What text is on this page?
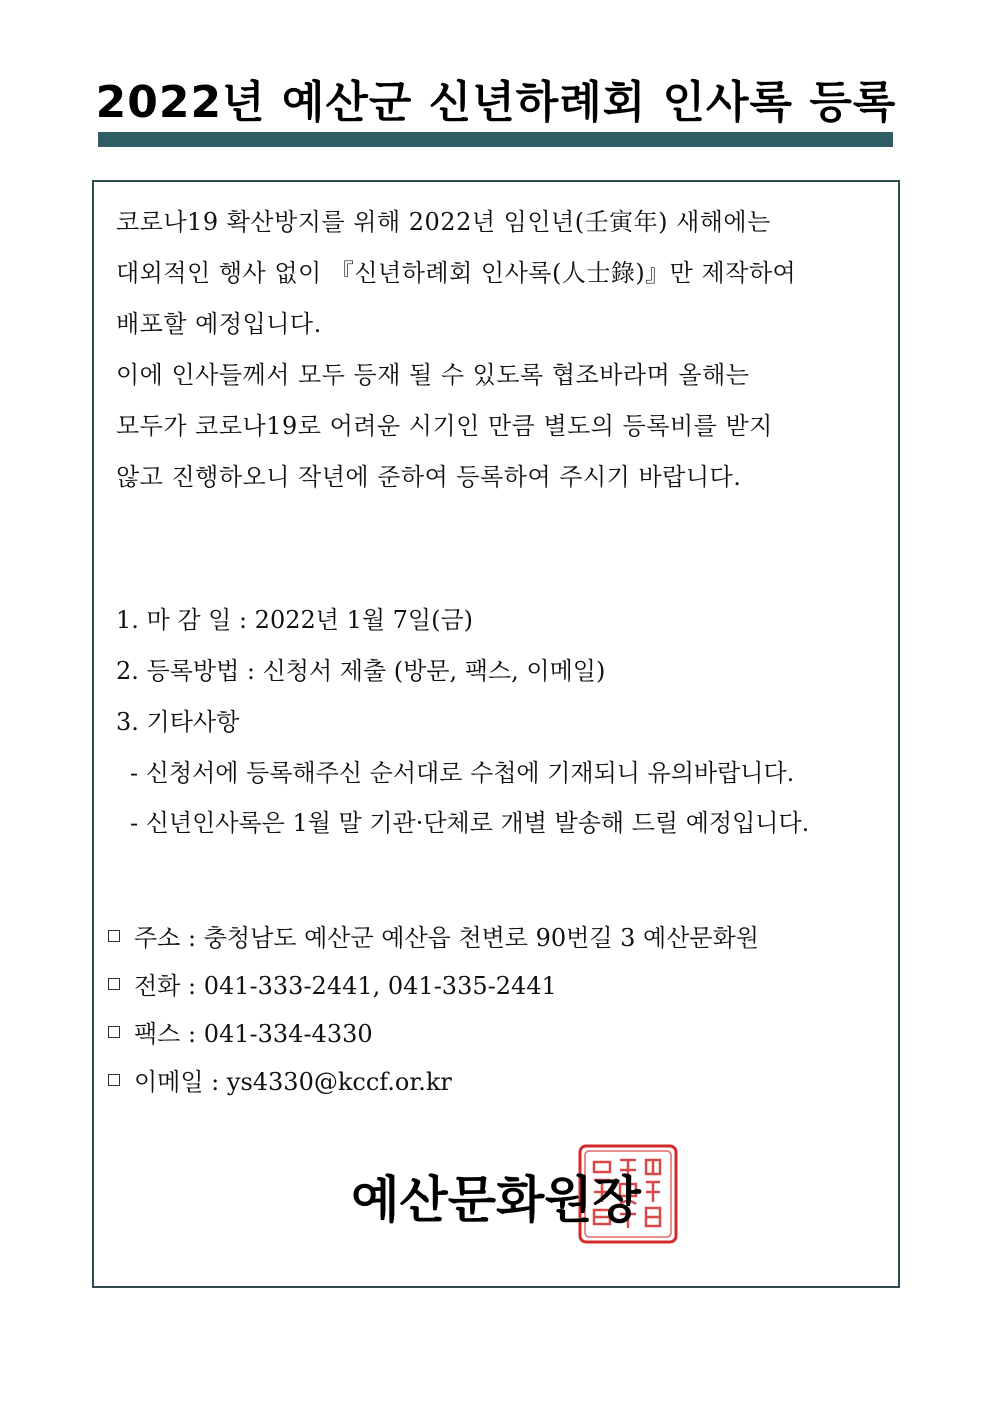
2022년 예산군 신년하례회 인사록 등록

코로나19 확산방지를 위해 2022년 임인년(壬寅年) 새해에는

대외적인 행사 없이 『신년하례회 인사록(人士錄)』만 제작하여

배포할 예정입니다.

이에 인사들께서 모두 등재 될 수 있도록 협조바라며 올해는

모두가 코로나19로 어려운 시기인 만큼 별도의 등록비를 받지

않고 진행하오니 작년에 준하여 등록하여 주시기 바랍니다.

1. 마 감 일 : 2022년 1월 7일(금)

2. 등록방법 : 신청서 제출 (방문, 팩스, 이메일)

3. 기타사항

- 신청서에 등록해주신 순서대로 수첩에 기재되니 유의바랍니다.

- 신년인사록은 1월 말 기관·단체로 개별 발송해 드릴 예정입니다.

주소 : 충청남도 예산군 예산읍 천변로 90번길 3 예산문화원

전화 : 041-333-2441, 041-335-2441

팩스 : 041-334-4330

이메일 : ys4330@kccf.or.kr

예산문화원장
